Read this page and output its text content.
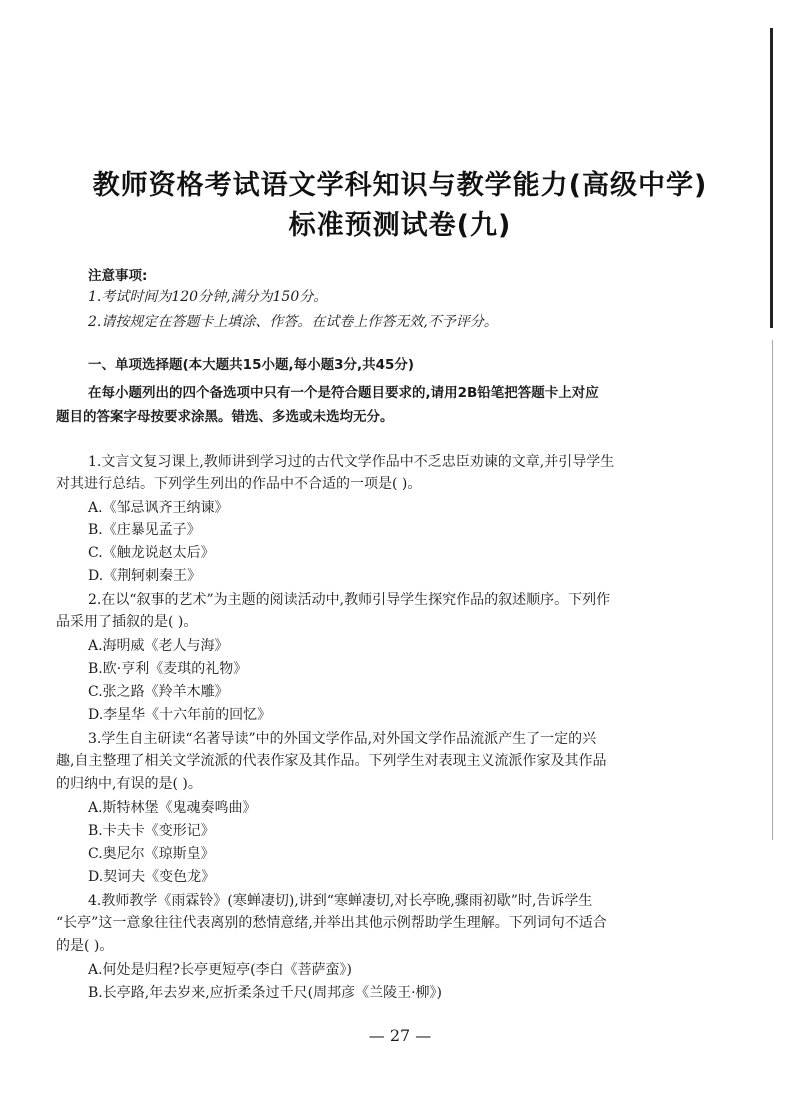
教师资格考试语文学科知识与教学能力(高级中学)
标准预测试卷(九)
注意事项:
1.考试时间为120分钟,满分为150分。
2.请按规定在答题卡上填涂、作答。在试卷上作答无效,不予评分。
一、单项选择题(本大题共15小题,每小题3分,共45分)
在每小题列出的四个备选项中只有一个是符合题目要求的,请用2B铅笔把答题卡上对应
题目的答案字母按要求涂黑。错选、多选或未选均无分。
1.文言文复习课上,教师讲到学习过的古代文学作品中不乏忠臣劝谏的文章,并引导学生
对其进行总结。下列学生列出的作品中不合适的一项是( )。
A.《邹忌讽齐王纳谏》
B.《庄暴见孟子》
C.《触龙说赵太后》
D.《荆轲刺秦王》
2.在以“叙事的艺术”为主题的阅读活动中,教师引导学生探究作品的叙述顺序。下列作
品采用了插叙的是( )。
A.海明威《老人与海》
B.欧·亨利《麦琪的礼物》
C.张之路《羚羊木雕》
D.李星华《十六年前的回忆》
3.学生自主研读“名著导读”中的外国文学作品,对外国文学作品流派产生了一定的兴
趣,自主整理了相关文学流派的代表作家及其作品。下列学生对表现主义流派作家及其作品
的归纳中,有误的是( )。
A.斯特林堡《鬼魂奏鸣曲》
B.卡夫卡《变形记》
C.奥尼尔《琼斯皇》
D.契诃夫《变色龙》
4.教师教学《雨霖铃》(寒蝉凄切),讲到“寒蝉凄切,对长亭晚,骤雨初歇”时,告诉学生
“长亭”这一意象往往代表离别的愁情意绪,并举出其他示例帮助学生理解。下列词句不适合
的是( )。
A.何处是归程?长亭更短亭(李白《菩萨蛮》)
B.长亭路,年去岁来,应折柔条过千尺(周邦彦《兰陵王·柳》)
— 27 —
